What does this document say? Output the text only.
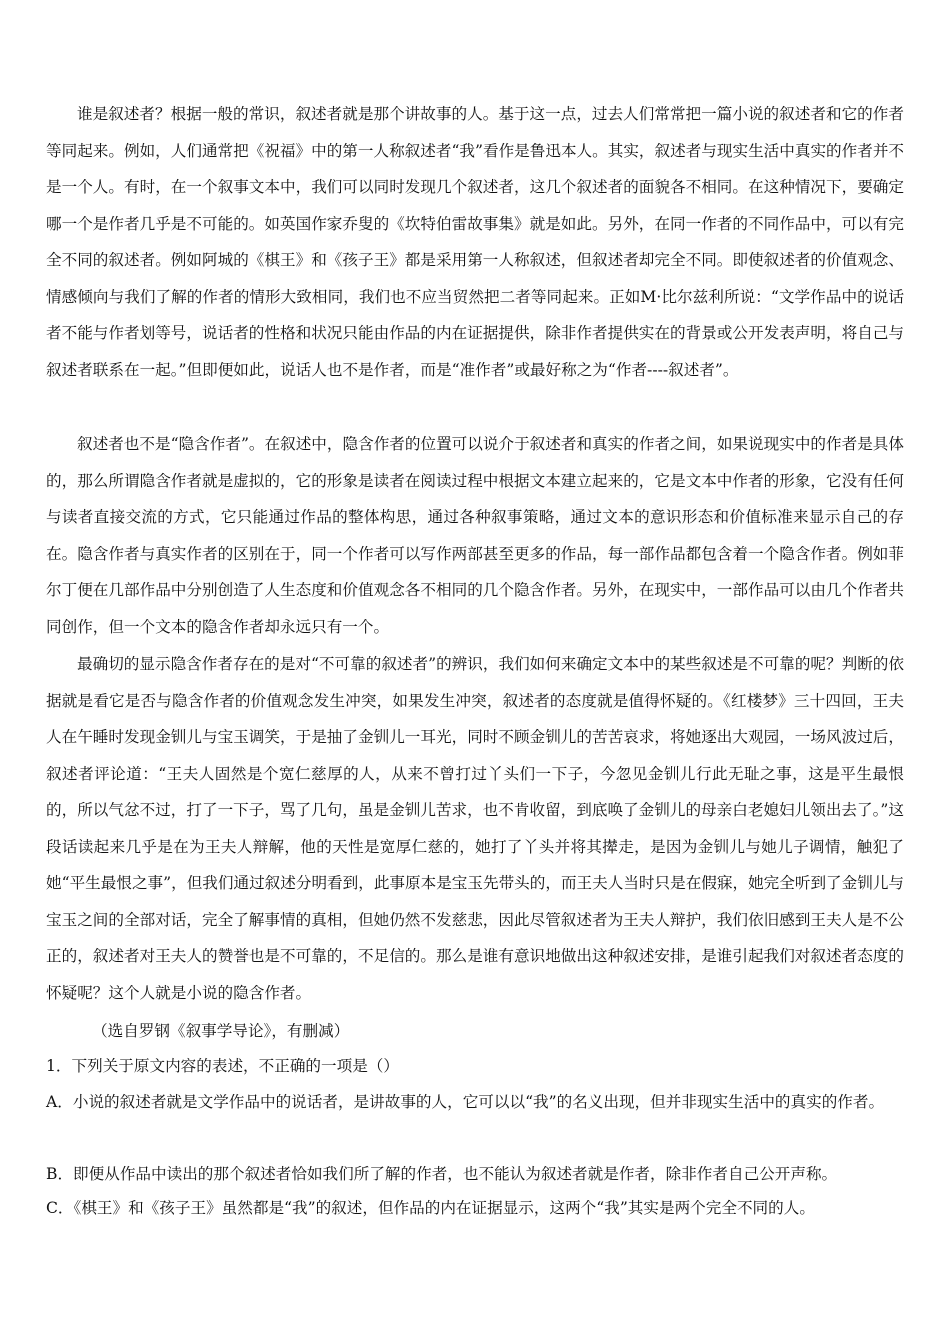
谁是叙述者？根据一般的常识，叙述者就是那个讲故事的人。基于这一点，过去人们常常把一篇小说的叙述者和它的作者等同起来。例如，人们通常把《祝福》中的第一人称叙述者“我”看作是鲁迅本人。其实，叙述者与现实生活中真实的作者并不是一个人。有时，在一个叙事文本中，我们可以同时发现几个叙述者，这几个叙述者的面貌各不相同。在这种情况下，要确定哪一个是作者几乎是不可能的。如英国作家乔叟的《坎特伯雷故事集》就是如此。另外，在同一作者的不同作品中，可以有完全不同的叙述者。例如阿城的《棋王》和《孩子王》都是采用第一人称叙述，但叙述者却完全不同。即使叙述者的价值观念、情感倾向与我们了解的作者的情形大致相同，我们也不应当贸然把二者等同起来。正如M·比尔兹利所说：“文学作品中的说话者不能与作者划等号，说话者的性格和状况只能由作品的内在证据提供，除非作者提供实在的背景或公开发表声明，将自己与叙述者联系在一起。”但即便如此，说话人也不是作者，而是“准作者”或最好称之为“作者----叙述者”。

叙述者也不是“隐含作者”。在叙述中，隐含作者的位置可以说介于叙述者和真实的作者之间，如果说现实中的作者是具体的，那么所谓隐含作者就是虚拟的，它的形象是读者在阅读过程中根据文本建立起来的，它是文本中作者的形象，它没有任何与读者直接交流的方式，它只能通过作品的整体构思，通过各种叙事策略，通过文本的意识形态和价值标准来显示自己的存在。隐含作者与真实作者的区别在于，同一个作者可以写作两部甚至更多的作品，每一部作品都包含着一个隐含作者。例如菲尔丁便在几部作品中分别创造了人生态度和价值观念各不相同的几个隐含作者。另外，在现实中，一部作品可以由几个作者共同创作，但一个文本的隐含作者却永远只有一个。

最确切的显示隐含作者存在的是对“不可靠的叙述者”的辨识，我们如何来确定文本中的某些叙述是不可靠的呢？判断的依据就是看它是否与隐含作者的价值观念发生冲突，如果发生冲突，叙述者的态度就是值得怀疑的。《红楼梦》三十四回，王夫人在午睡时发现金钏儿与宝玉调笑，于是抽了金钏儿一耳光，同时不顾金钏儿的苦苦哀求，将她逐出大观园，一场风波过后，叙述者评论道：“王夫人固然是个宽仁慈厚的人，从来不曾打过丫头们一下子，今忽见金钏儿行此无耻之事，这是平生最恨的，所以气忿不过，打了一下子，骂了几句，虽是金钏儿苦求，也不肯收留，到底唤了金钏儿的母亲白老媳妇儿领出去了。”这段话读起来几乎是在为王夫人辩解，他的天性是宽厚仁慈的，她打了丫头并将其撵走，是因为金钏儿与她儿子调情，触犯了她“平生最恨之事”，但我们通过叙述分明看到，此事原本是宝玉先带头的，而王夫人当时只是在假寐，她完全听到了金钏儿与宝玉之间的全部对话，完全了解事情的真相，但她仍然不发慈悲，因此尽管叙述者为王夫人辩护，我们依旧感到王夫人是不公正的，叙述者对王夫人的赞誉也是不可靠的，不足信的。那么是谁有意识地做出这种叙述安排，是谁引起我们对叙述者态度的怀疑呢？这个人就是小说的隐含作者。

（选自罗钢《叙事学导论》，有删减）

1．下列关于原文内容的表述，不正确的一项是（）

A．小说的叙述者就是文学作品中的说话者，是讲故事的人，它可以以“我”的名义出现，但并非现实生活中的真实的作者。

B．即便从作品中读出的那个叙述者恰如我们所了解的作者，也不能认为叙述者就是作者，除非作者自己公开声称。

C．《棋王》和《孩子王》虽然都是“我”的叙述，但作品的内在证据显示，这两个“我”其实是两个完全不同的人。
